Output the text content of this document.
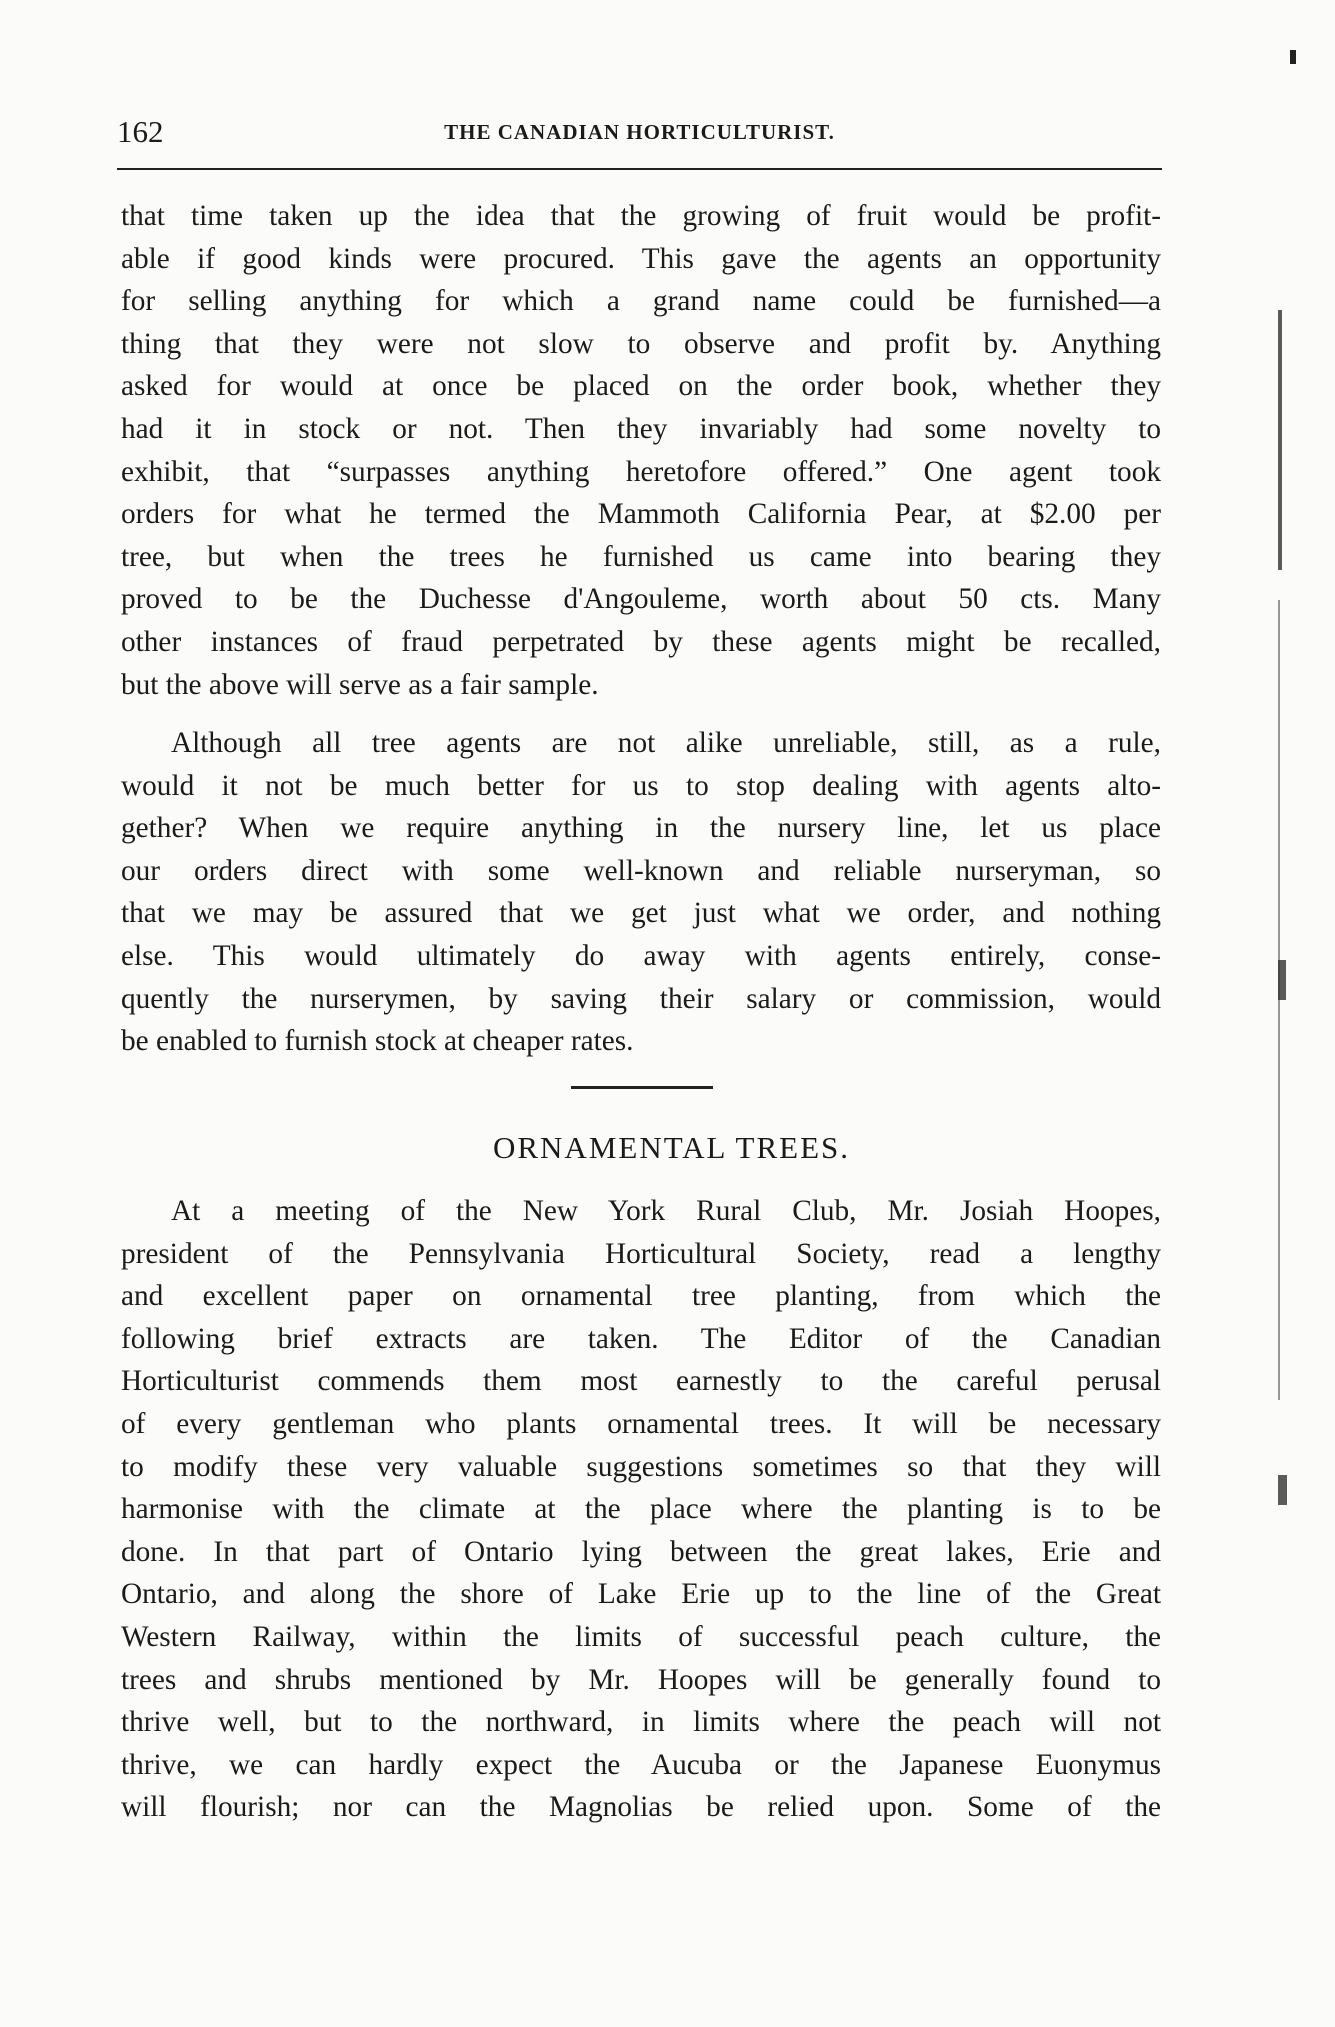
162	THE CANADIAN HORTICULTURIST.
that time taken up the idea that the growing of fruit would be profit-
able if good kinds were procured. This gave the agents an opportunity
for selling anything for which a grand name could be furnished—a
thing that they were not slow to observe and profit by. Anything
asked for would at once be placed on the order book, whether they
had it in stock or not. Then they invariably had some novelty to
exhibit, that “surpasses anything heretofore offered.” One agent took
orders for what he termed the Mammoth California Pear, at $2.00 per
tree, but when the trees he furnished us came into bearing they
proved to be the Duchesse d'Angouleme, worth about 50 cts. Many
other instances of fraud perpetrated by these agents might be recalled,
but the above will serve as a fair sample.
Although all tree agents are not alike unreliable, still, as a rule,
would it not be much better for us to stop dealing with agents alto-
gether? When we require anything in the nursery line, let us place
our orders direct with some well-known and reliable nurseryman, so
that we may be assured that we get just what we order, and nothing
else. This would ultimately do away with agents entirely, conse-
quently the nurserymen, by saving their salary or commission, would
be enabled to furnish stock at cheaper rates.
ORNAMENTAL TREES.
At a meeting of the New York Rural Club, Mr. Josiah Hoopes,
president of the Pennsylvania Horticultural Society, read a lengthy
and excellent paper on ornamental tree planting, from which the
following brief extracts are taken. The Editor of the Canadian
Horticulturist commends them most earnestly to the careful perusal
of every gentleman who plants ornamental trees. It will be necessary
to modify these very valuable suggestions sometimes so that they will
harmonise with the climate at the place where the planting is to be
done. In that part of Ontario lying between the great lakes, Erie and
Ontario, and along the shore of Lake Erie up to the line of the Great
Western Railway, within the limits of successful peach culture, the
trees and shrubs mentioned by Mr. Hoopes will be generally found to
thrive well, but to the northward, in limits where the peach will not
thrive, we can hardly expect the Aucuba or the Japanese Euonymus
will flourish; nor can the Magnolias be relied upon. Some of the
